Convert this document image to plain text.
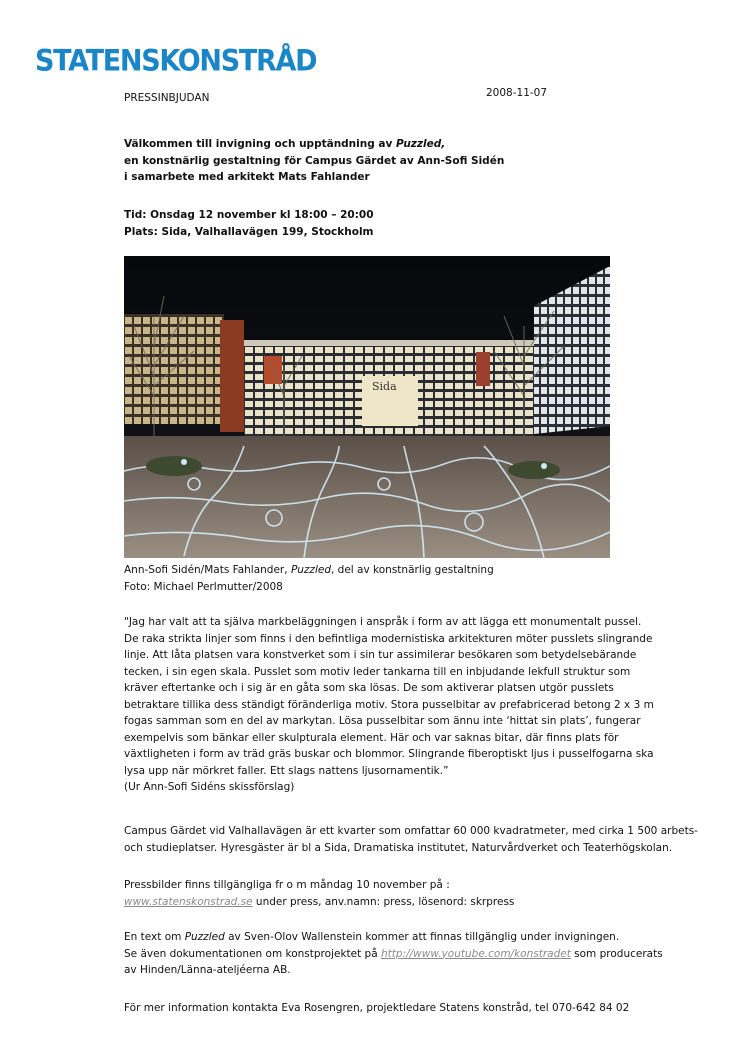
STATENSKONSTRÅD
PRESSINBJUDAN	2008-11-07

Välkommen till invigning och upptändning av Puzzled,

en konstnärlig gestaltning för Campus Gärdet av Ann-Sofi Sidén

i samarbete med arkitekt Mats Fahlander

Tid: Onsdag 12 november kl 18:00 – 20:00

Plats: Sida, Valhallavägen 199, Stockholm

Sida

Ann-Sofi Sidén/Mats Fahlander, Puzzled, del av konstnärlig gestaltning

Foto: Michael Perlmutter/2008

"Jag har valt att ta själva markbeläggningen i anspråk i form av att lägga ett monumentalt pussel.

De raka strikta linjer som finns i den befintliga modernistiska arkitekturen möter pusslets slingrande

linje. Att låta platsen vara konstverket som i sin tur assimilerar besökaren som betydelsebärande

tecken, i sin egen skala. Pusslet som motiv leder tankarna till en inbjudande lekfull struktur som

kräver eftertanke och i sig är en gåta som ska lösas. De som aktiverar platsen utgör pusslets

betraktare tillika dess ständigt föränderliga motiv. Stora pusselbitar av prefabricerad betong 2 x 3 m

fogas samman som en del av markytan. Lösa pusselbitar som ännu inte ‘hittat sin plats’, fungerar

exempelvis som bänkar eller skulpturala element. Här och var saknas bitar, där finns plats för

växtligheten i form av träd gräs buskar och blommor. Slingrande fiberoptiskt ljus i pusselfogarna ska

lysa upp när mörkret faller. Ett slags nattens ljusornamentik.”

(Ur Ann-Sofi Sidéns skissförslag)

Campus Gärdet vid Valhallavägen är ett kvarter som omfattar 60 000 kvadratmeter, med cirka 1 500 arbets-

och studieplatser. Hyresgäster är bl a Sida, Dramatiska institutet, Naturvårdverket och Teaterhögskolan.

Pressbilder finns tillgängliga fr o m måndag 10 november på :

www.statenskonstrad.se under press, anv.namn: press, lösenord: skrpress

En text om Puzzled av Sven-Olov Wallenstein kommer att finnas tillgänglig under invigningen.

Se även dokumentationen om konstprojektet på http://www.youtube.com/konstradet som producerats

av Hinden/Länna-ateljéerna AB.

För mer information kontakta Eva Rosengren, projektledare Statens konstråd, tel 070-642 84 02
